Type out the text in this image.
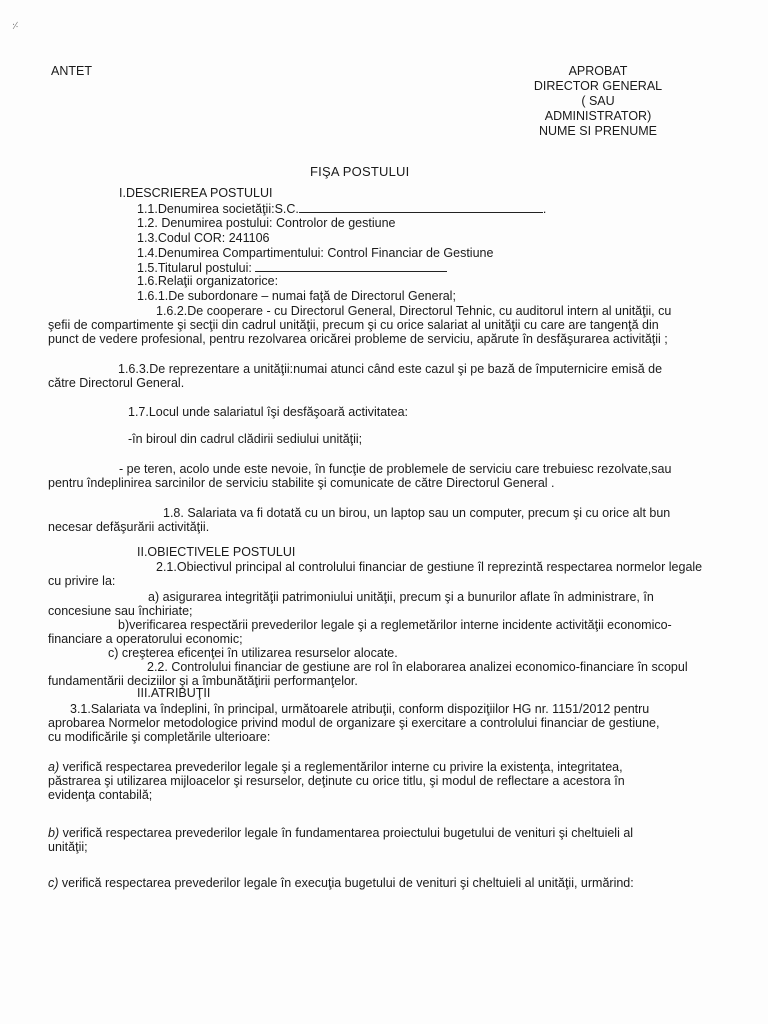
⸓
ANTET	APROBAT
DIRECTOR GENERAL
( SAU
ADMINISTRATOR)
NUME SI PRENUME
FIŞA POSTULUI
I.DESCRIEREA POSTULUI
1.1.Denumirea societăţii:S.C.	.
1.2. Denumirea postului: Controlor de gestiune
1.3.Codul COR: 241106
1.4.Denumirea Compartimentului: Control Financiar de Gestiune
1.5.Titularul postului:
1.6.Relaţii organizatorice:
1.6.1.De subordonare – numai faţă de Directorul General;
1.6.2.De cooperare - cu Directorul General, Directorul Tehnic, cu auditorul intern al unităţii, cu
şefii de compartimente şi secţii din cadrul unităţii, precum şi cu orice salariat al unităţii cu care are tangenţă din
punct de vedere profesional, pentru rezolvarea oricărei probleme de serviciu, apărute în desfăşurarea activităţii ;
1.6.3.De reprezentare a unităţii:numai atunci când este cazul şi pe bază de împuternicire emisă de
către Directorul General.
1.7.Locul unde salariatul îşi desfăşoară activitatea:
-în biroul din cadrul clădirii sediului unităţii;
- pe teren, acolo unde este nevoie, în funcţie de problemele de serviciu care trebuiesc rezolvate,sau
pentru îndeplinirea sarcinilor de serviciu stabilite şi comunicate de către Directorul General .
1.8. Salariata va fi dotată cu un birou, un laptop sau un computer, precum şi cu orice alt bun
necesar defăşurării activităţii.
II.OBIECTIVELE POSTULUI
2.1.Obiectivul principal al controlului financiar de gestiune îl reprezintă respectarea normelor legale
cu privire la:
a) asigurarea integrităţii patrimoniului unităţii, precum şi a bunurilor aflate în administrare, în
concesiune sau închiriate;
b)verificarea respectării prevederilor legale şi a reglemetărilor interne incidente activităţii economico-
financiare a operatorului economic;
c) creşterea eficenţei în utilizarea resurselor alocate.
2.2. Controlului financiar de gestiune are rol în elaborarea analizei economico-financiare în scopul
fundamentării deciziilor şi a îmbunătăţirii performanţelor.
III.ATRIBUŢII
3.1.Salariata va îndeplini, în principal, următoarele atribuţii, conform dispoziţiilor HG nr. 1151/2012 pentru
aprobarea Normelor metodologice privind modul de organizare şi exercitare a controlului financiar de gestiune,
cu modificările şi completările ulterioare:
a) verifică respectarea prevederilor legale şi a reglementărilor interne cu privire la existenţa, integritatea,
păstrarea şi utilizarea mijloacelor şi resurselor, deţinute cu orice titlu, şi modul de reflectare a acestora în
evidenţa contabilă;
b) verifică respectarea prevederilor legale în fundamentarea proiectului bugetului de venituri şi cheltuieli al
unităţii;
c) verifică respectarea prevederilor legale în execuţia bugetului de venituri şi cheltuieli al unităţii, urmărind:
